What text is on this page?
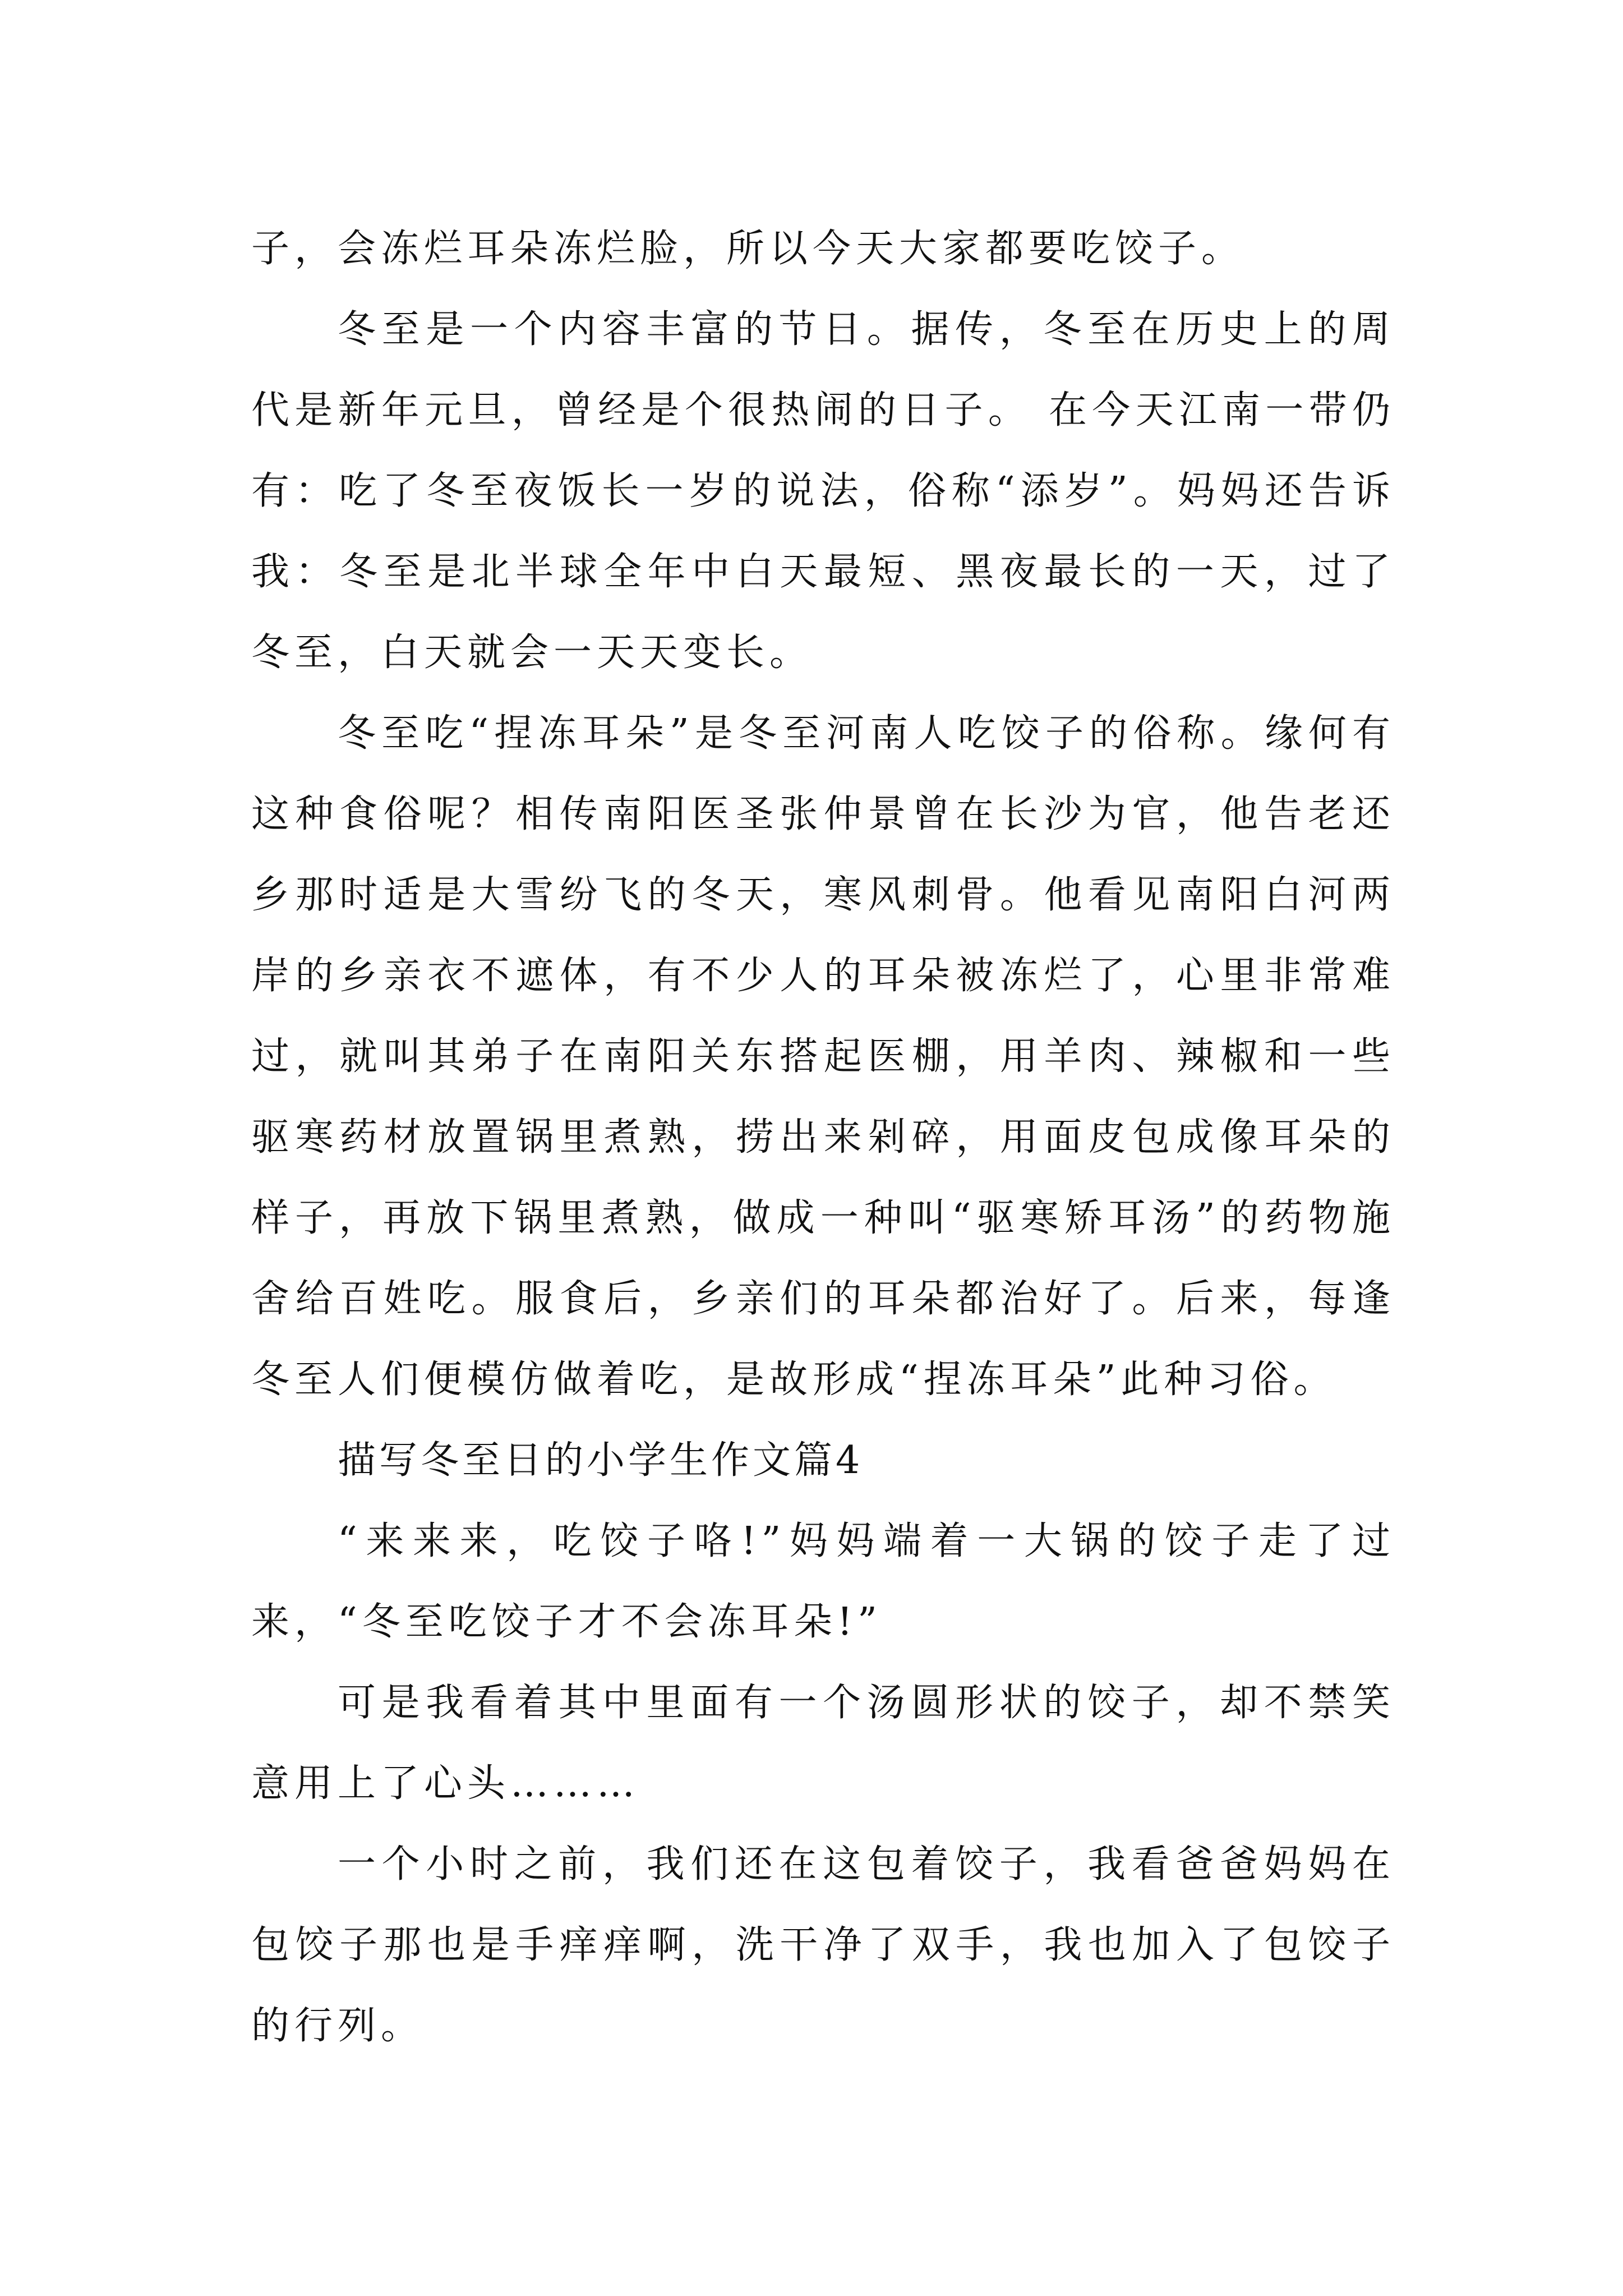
子，会冻烂耳朵冻烂脸，所以今天大家都要吃饺子。

冬至是一个内容丰富的节日。据传，冬至在历史上的周代是新年元旦，曾经是个很热闹的日子。 在今天江南一带仍有：吃了冬至夜饭长一岁的说法，俗称“添岁”。妈妈还告诉我：冬至是北半球全年中白天最短、黑夜最长的一天，过了冬至，白天就会一天天变长。

冬至吃“捏冻耳朵”是冬至河南人吃饺子的俗称。缘何有这种食俗呢？相传南阳医圣张仲景曾在长沙为官，他告老还乡那时适是大雪纷飞的冬天，寒风刺骨。他看见南阳白河两岸的乡亲衣不遮体，有不少人的耳朵被冻烂了，心里非常难过，就叫其弟子在南阳关东搭起医棚，用羊肉、辣椒和一些驱寒药材放置锅里煮熟，捞出来剁碎，用面皮包成像耳朵的样子，再放下锅里煮熟，做成一种叫“驱寒矫耳汤”的药物施舍给百姓吃。服食后，乡亲们的耳朵都治好了。后来，每逢冬至人们便模仿做着吃，是故形成“捏冻耳朵”此种习俗。

描写冬至日的小学生作文篇4

“来来来，吃饺子咯!”妈妈端着一大锅的饺子走了过来，“冬至吃饺子才不会冻耳朵!”

可是我看着其中里面有一个汤圆形状的饺子，却不禁笑意用上了心头………

一个小时之前，我们还在这包着饺子，我看爸爸妈妈在包饺子那也是手痒痒啊，洗干净了双手，我也加入了包饺子的行列。
